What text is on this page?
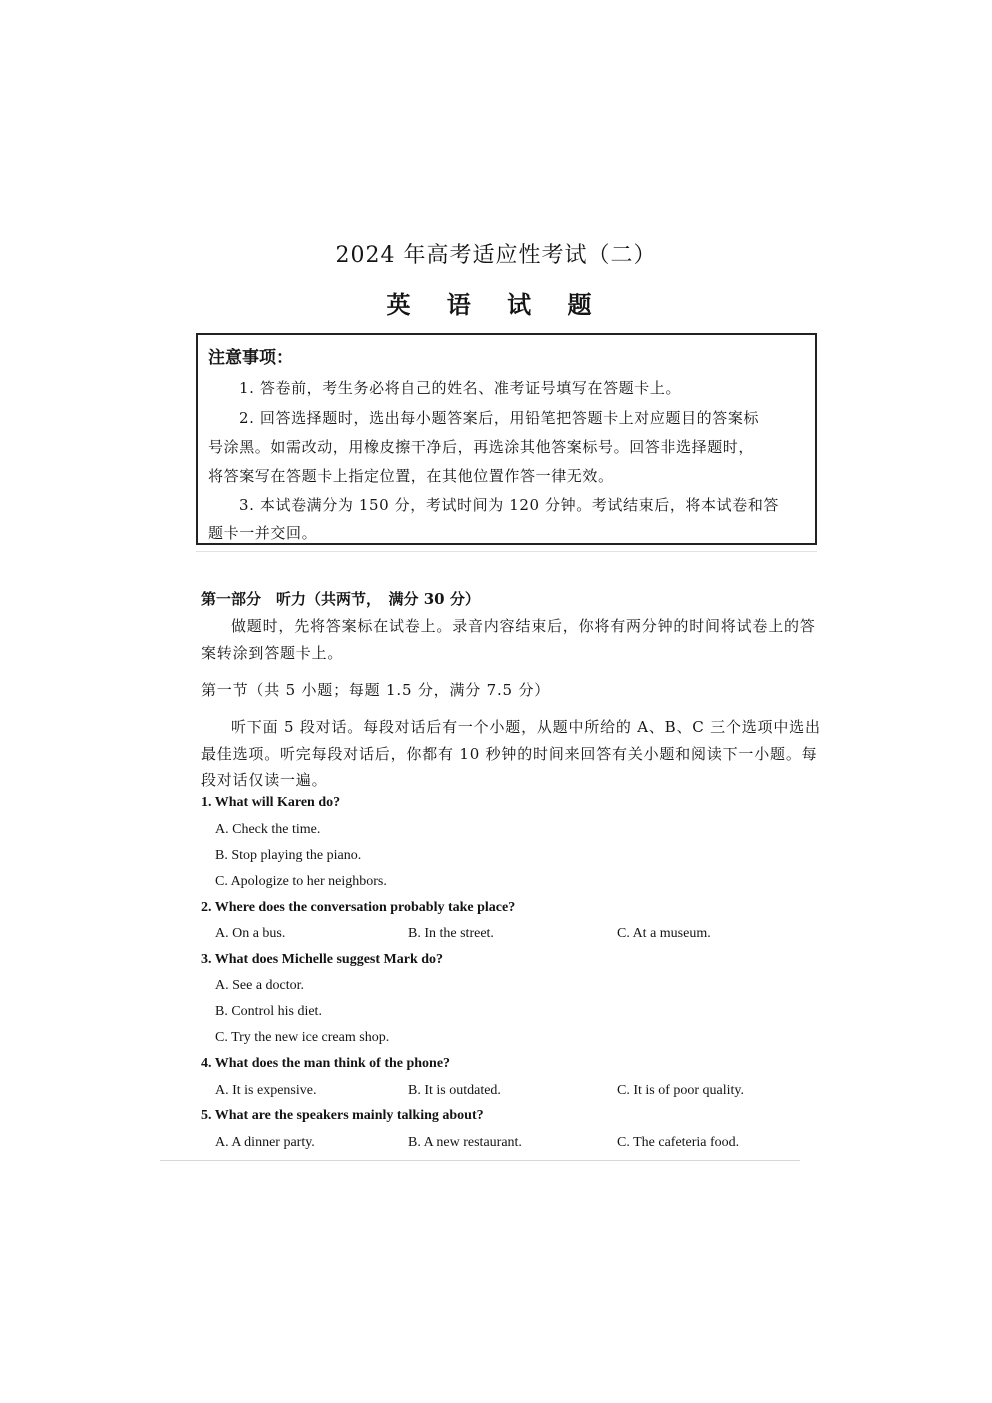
2024 年高考适应性考试（二）
英 语 试 题
注意事项：
1. 答卷前，考生务必将自己的姓名、准考证号填写在答题卡上。
2. 回答选择题时，选出每小题答案后，用铅笔把答题卡上对应题目的答案标
号涂黑。如需改动，用橡皮擦干净后，再选涂其他答案标号。回答非选择题时，
将答案写在答题卡上指定位置，在其他位置作答一律无效。
3. 本试卷满分为 150 分，考试时间为 120 分钟。考试结束后，将本试卷和答
题卡一并交回。
第一部分　听力（共两节，　满分 30 分）
做题时，先将答案标在试卷上。录音内容结束后，你将有两分钟的时间将试卷上的答
案转涂到答题卡上。
第一节（共 5 小题；每题 1.5 分，满分 7.5 分）
听下面 5 段对话。每段对话后有一个小题，从题中所给的 A、B、C 三个选项中选出
最佳选项。听完每段对话后，你都有 10 秒钟的时间来回答有关小题和阅读下一小题。每
段对话仅读一遍。
1. What will Karen do?
A. Check the time.
B. Stop playing the piano.
C. Apologize to her neighbors.
2. Where does the conversation probably take place?
A. On a bus.	B. In the street.	C. At a museum.
3. What does Michelle suggest Mark do?
A. See a doctor.
B. Control his diet.
C. Try the new ice cream shop.
4. What does the man think of the phone?
A. It is expensive.	B. It is outdated.	C. It is of poor quality.
5. What are the speakers mainly talking about?
A. A dinner party.	B. A new restaurant.	C. The cafeteria food.
